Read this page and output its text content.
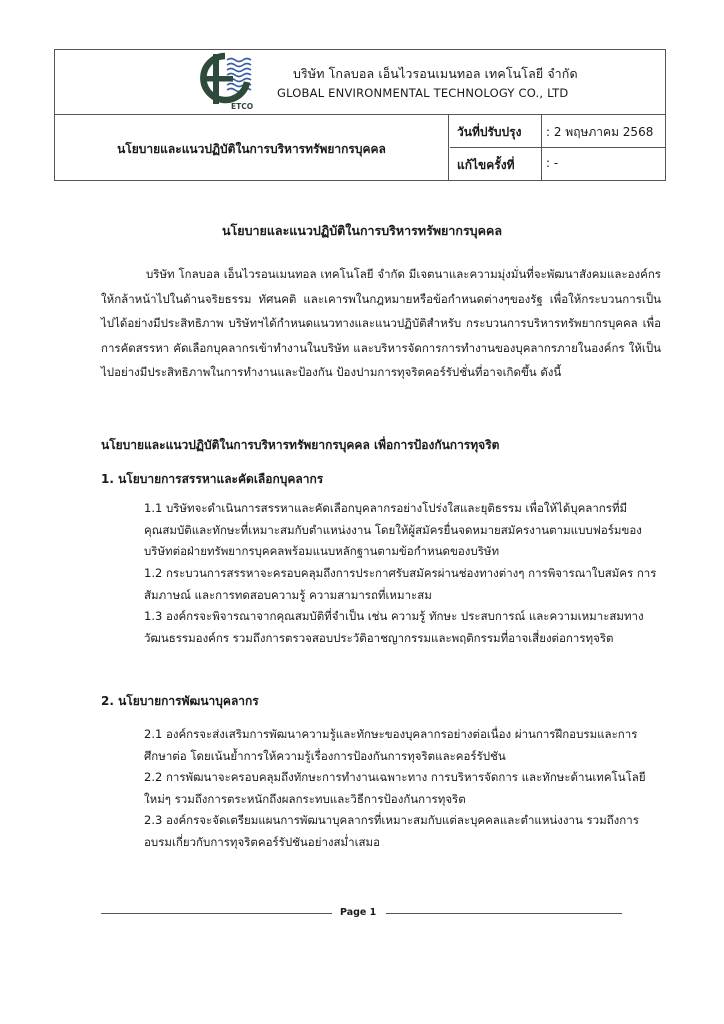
ETCO
บริษัท โกลบอล เอ็นไวรอนเมนทอล เทคโนโลยี จำกัด
GLOBAL ENVIRONMENTAL TECHNOLOGY CO., LTD
นโยบายและแนวปฏิบัติในการบริหารทรัพยากรบุคคล
วันที่ปรับปรุง	: 2 พฤษภาคม 2568
แก้ไขครั้งที่	: -
นโยบายและแนวปฏิบัติในการบริหารทรัพยากรบุคคล

บริษัท โกลบอล เอ็นไวรอนเมนทอล เทคโนโลยี จำกัด มีเจตนาและความมุ่งมั่นที่จะพัฒนาสังคมและองค์กรให้กล้าหน้าไปในด้านจริยธรรม ทัศนคติ และเคารพในกฎหมายหรือข้อกำหนดต่างๆของรัฐ เพื่อให้กระบวนการเป็นไปได้อย่างมีประสิทธิภาพ บริษัทฯได้กำหนดแนวทางและแนวปฏิบัติสำหรับ กระบวนการบริหารทรัพยากรบุคคล เพื่อการคัดสรรหา คัดเลือกบุคลากรเข้าทำงานในบริษัท และบริหารจัดการการทำงานของบุคลากรภายในองค์กร ให้เป็นไปอย่างมีประสิทธิภาพในการทำงานและป้องกัน ป้องปามการทุจริตคอร์รัปชั่นที่อาจเกิดขึ้น ดังนี้

นโยบายและแนวปฏิบัติในการบริหารทรัพยากรบุคคล เพื่อการป้องกันการทุจริต
1. นโยบายการสรรหาและคัดเลือกบุคลากร
1.1 บริษัทจะดำเนินการสรรหาและคัดเลือกบุคลากรอย่างโปร่งใสและยุติธรรม เพื่อให้ได้บุคลากรที่มีคุณสมบัติและทักษะที่เหมาะสมกับตำแหน่งงาน โดยให้ผู้สมัครยื่นจดหมายสมัครงานตามแบบฟอร์มของบริษัทต่อฝ่ายทรัพยากรบุคคลพร้อมแนบหลักฐานตามข้อกำหนดของบริษัท
1.2 กระบวนการสรรหาจะครอบคลุมถึงการประกาศรับสมัครผ่านช่องทางต่างๆ การพิจารณาใบสมัคร การสัมภาษณ์ และการทดสอบความรู้ ความสามารถที่เหมาะสม
1.3 องค์กรจะพิจารณาจากคุณสมบัติที่จำเป็น เช่น ความรู้ ทักษะ ประสบการณ์ และความเหมาะสมทางวัฒนธรรมองค์กร รวมถึงการตรวจสอบประวัติอาชญากรรมและพฤติกรรมที่อาจเสี่ยงต่อการทุจริต
2. นโยบายการพัฒนาบุคลากร
2.1 องค์กรจะส่งเสริมการพัฒนาความรู้และทักษะของบุคลากรอย่างต่อเนื่อง ผ่านการฝึกอบรมและการศึกษาต่อ โดยเน้นย้ำการให้ความรู้เรื่องการป้องกันการทุจริตและคอร์รัปชัน
2.2 การพัฒนาจะครอบคลุมถึงทักษะการทำงานเฉพาะทาง การบริหารจัดการ และทักษะด้านเทคโนโลยีใหม่ๆ รวมถึงการตระหนักถึงผลกระทบและวิธีการป้องกันการทุจริต
2.3 องค์กรจะจัดเตรียมแผนการพัฒนาบุคลากรที่เหมาะสมกับแต่ละบุคคลและตำแหน่งงาน รวมถึงการอบรมเกี่ยวกับการทุจริตคอร์รัปชันอย่างสม่ำเสมอ
Page 1
